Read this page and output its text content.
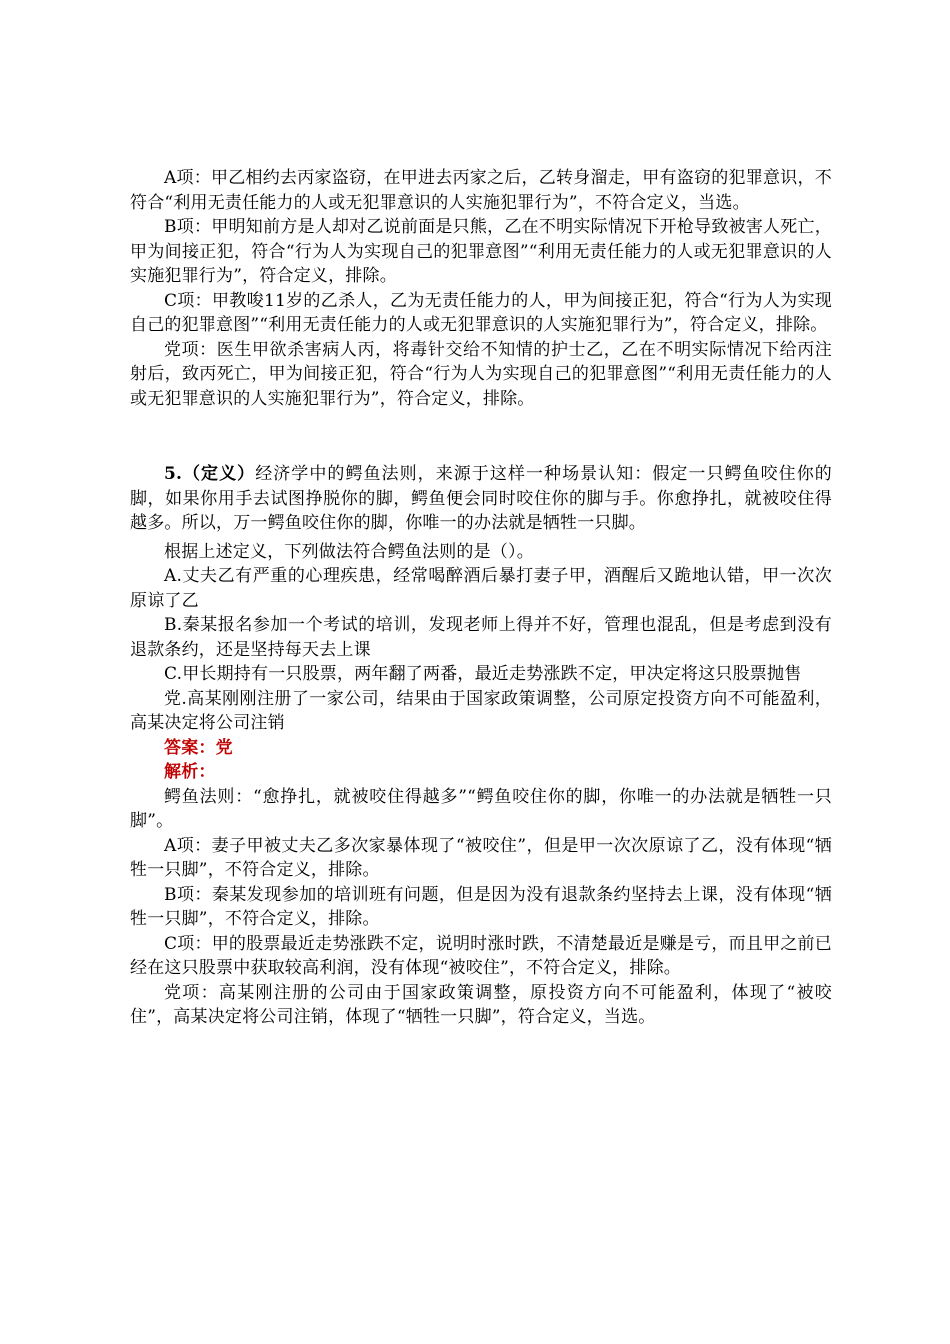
A项：甲乙相约去丙家盗窃，在甲进去丙家之后，乙转身溜走，甲有盗窃的犯罪意识，不符合“利用无责任能力的人或无犯罪意识的人实施犯罪行为”，不符合定义，当选。

B项：甲明知前方是人却对乙说前面是只熊，乙在不明实际情况下开枪导致被害人死亡，甲为间接正犯，符合“行为人为实现自己的犯罪意图”“利用无责任能力的人或无犯罪意识的人实施犯罪行为”，符合定义，排除。

C项：甲教唆11岁的乙杀人，乙为无责任能力的人，甲为间接正犯，符合“行为人为实现自己的犯罪意图”“利用无责任能力的人或无犯罪意识的人实施犯罪行为”，符合定义，排除。

党项：医生甲欲杀害病人丙，将毒针交给不知情的护士乙，乙在不明实际情况下给丙注射后，致丙死亡，甲为间接正犯，符合“行为人为实现自己的犯罪意图”“利用无责任能力的人或无犯罪意识的人实施犯罪行为”，符合定义，排除。

5.（定义）经济学中的鳄鱼法则，来源于这样一种场景认知：假定一只鳄鱼咬住你的脚，如果你用手去试图挣脱你的脚，鳄鱼便会同时咬住你的脚与手。你愈挣扎，就被咬住得越多。所以，万一鳄鱼咬住你的脚，你唯一的办法就是牺牲一只脚。

根据上述定义，下列做法符合鳄鱼法则的是（）。

A.丈夫乙有严重的心理疾患，经常喝醉酒后暴打妻子甲，酒醒后又跪地认错，甲一次次原谅了乙

B.秦某报名参加一个考试的培训，发现老师上得并不好，管理也混乱，但是考虑到没有退款条约，还是坚持每天去上课

C.甲长期持有一只股票，两年翻了两番，最近走势涨跌不定，甲决定将这只股票抛售

党.高某刚刚注册了一家公司，结果由于国家政策调整，公司原定投资方向不可能盈利，高某决定将公司注销

答案：党

解析：

鳄鱼法则：“愈挣扎，就被咬住得越多”“鳄鱼咬住你的脚，你唯一的办法就是牺牲一只脚”。

A项：妻子甲被丈夫乙多次家暴体现了“被咬住”，但是甲一次次原谅了乙，没有体现“牺牲一只脚”，不符合定义，排除。

B项：秦某发现参加的培训班有问题，但是因为没有退款条约坚持去上课，没有体现“牺牲一只脚”，不符合定义，排除。

C项：甲的股票最近走势涨跌不定，说明时涨时跌，不清楚最近是赚是亏，而且甲之前已经在这只股票中获取较高利润，没有体现“被咬住”，不符合定义，排除。

党项：高某刚注册的公司由于国家政策调整，原投资方向不可能盈利，体现了“被咬住”，高某决定将公司注销，体现了“牺牲一只脚”，符合定义，当选。
